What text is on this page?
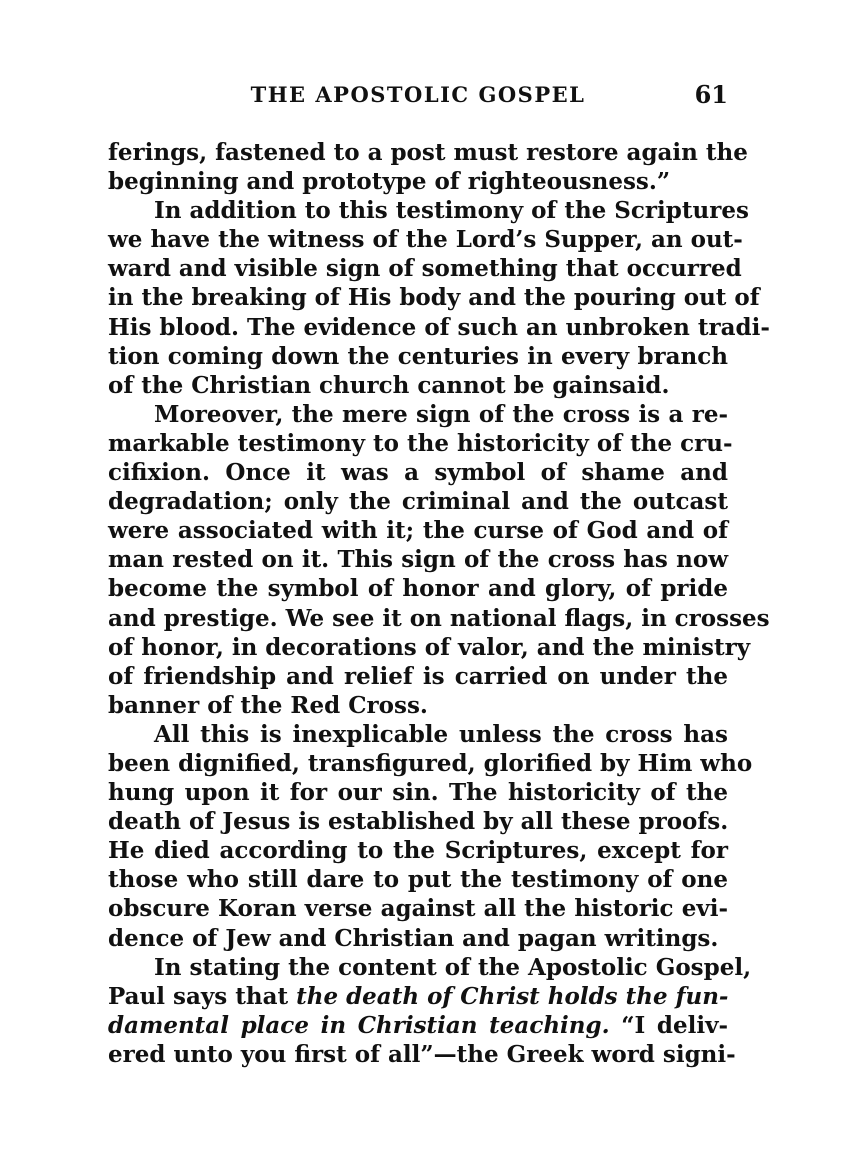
THE APOSTOLIC GOSPEL	61
ferings, fastened to a post must restore again the
beginning and prototype of righteousness.”
In addition to this testimony of the Scriptures
we have the witness of the Lord’s Supper, an out-
ward and visible sign of something that occurred
in the breaking of His body and the pouring out of
His blood. The evidence of such an unbroken tradi-
tion coming down the centuries in every branch
of the Christian church cannot be gainsaid.
Moreover, the mere sign of the cross is a re-
markable testimony to the historicity of the cru-
cifixion. Once it was a symbol of shame and
degradation; only the criminal and the outcast
were associated with it; the curse of God and of
man rested on it. This sign of the cross has now
become the symbol of honor and glory, of pride
and prestige. We see it on national flags, in crosses
of honor, in decorations of valor, and the ministry
of friendship and relief is carried on under the
banner of the Red Cross.
All this is inexplicable unless the cross has
been dignified, transfigured, glorified by Him who
hung upon it for our sin. The historicity of the
death of Jesus is established by all these proofs.
He died according to the Scriptures, except for
those who still dare to put the testimony of one
obscure Koran verse against all the historic evi-
dence of Jew and Christian and pagan writings.
In stating the content of the Apostolic Gospel,
Paul says that the death of Christ holds the fun-
damental place in Christian teaching. “I deliv-
ered unto you first of all”—the Greek word signi-
